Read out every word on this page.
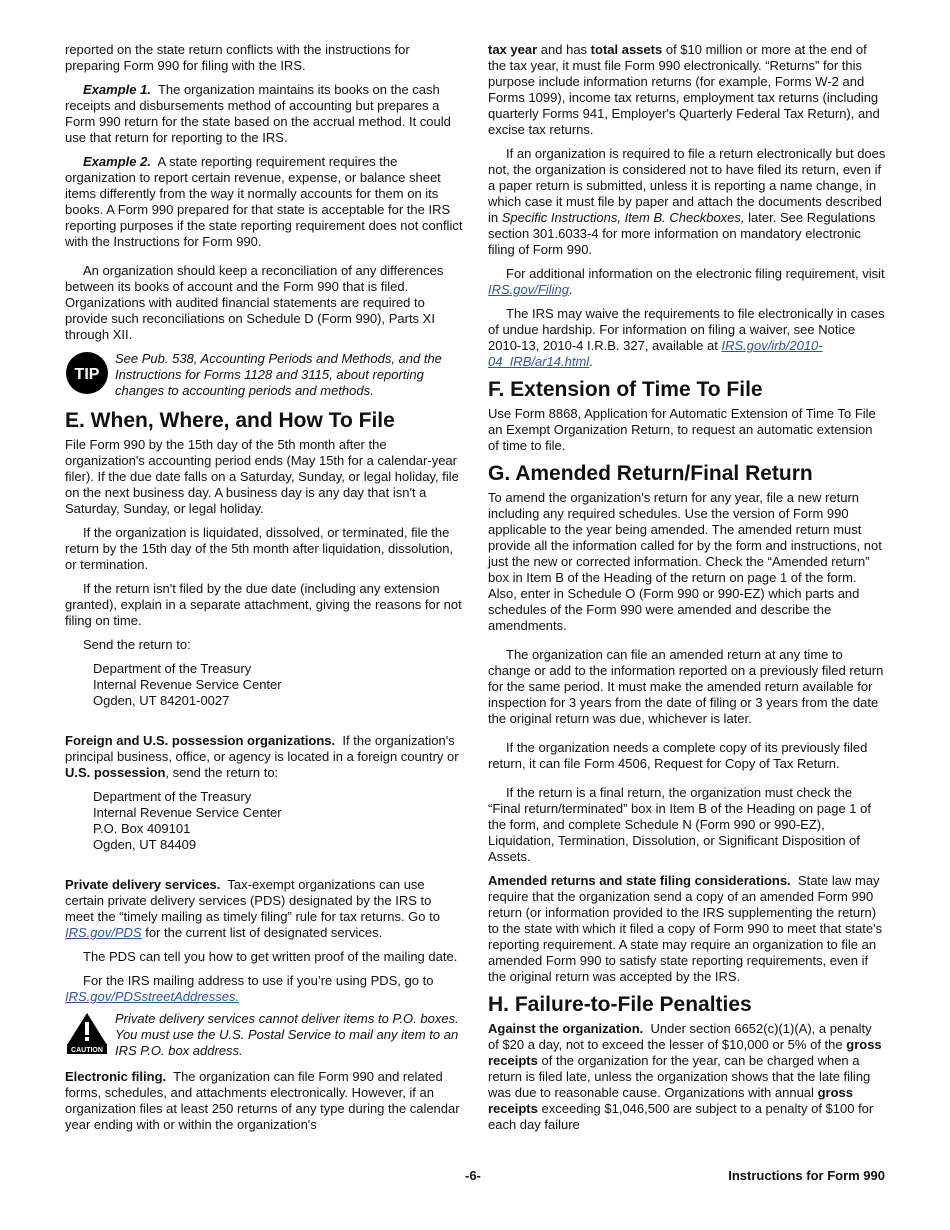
reported on the state return conflicts with the instructions for preparing Form 990 for filing with the IRS.

Example 1. The organization maintains its books on the cash receipts and disbursements method of accounting but prepares a Form 990 return for the state based on the accrual method. It could use that return for reporting to the IRS.

Example 2. A state reporting requirement requires the organization to report certain revenue, expense, or balance sheet items differently from the way it normally accounts for them on its books. A Form 990 prepared for that state is acceptable for the IRS reporting purposes if the state reporting requirement does not conflict with the Instructions for Form 990.

An organization should keep a reconciliation of any differences between its books of account and the Form 990 that is filed. Organizations with audited financial statements are required to provide such reconciliations on Schedule D (Form 990), Parts XI through XII.

TIP
See Pub. 538, Accounting Periods and Methods, and the Instructions for Forms 1128 and 3115, about reporting changes to accounting periods and methods.
E. When, Where, and How To File

File Form 990 by the 15th day of the 5th month after the organization's accounting period ends (May 15th for a calendar-year filer). If the due date falls on a Saturday, Sunday, or legal holiday, file on the next business day. A business day is any day that isn't a Saturday, Sunday, or legal holiday.

If the organization is liquidated, dissolved, or terminated, file the return by the 15th day of the 5th month after liquidation, dissolution, or termination.

If the return isn't filed by the due date (including any extension granted), explain in a separate attachment, giving the reasons for not filing on time.

Send the return to:

Department of the Treasury
Internal Revenue Service Center
Ogden, UT 84201-0027

Foreign and U.S. possession organizations. If the organization's principal business, office, or agency is located in a foreign country or U.S. possession, send the return to:

Department of the Treasury
Internal Revenue Service Center
P.O. Box 409101
Ogden, UT 84409

Private delivery services. Tax-exempt organizations can use certain private delivery services (PDS) designated by the IRS to meet the “timely mailing as timely filing” rule for tax returns. Go to IRS.gov/PDS for the current list of designated services.

The PDS can tell you how to get written proof of the mailing date.

For the IRS mailing address to use if you’re using PDS, go to IRS.gov/PDSstreetAddresses.

CAUTION
Private delivery services cannot deliver items to P.O. boxes. You must use the U.S. Postal Service to mail any item to an IRS P.O. box address.

Electronic filing. The organization can file Form 990 and related forms, schedules, and attachments electronically. However, if an organization files at least 250 returns of any type during the calendar year ending with or within the organization's

tax year and has total assets of $10 million or more at the end of the tax year, it must file Form 990 electronically. “Returns” for this purpose include information returns (for example, Forms W-2 and Forms 1099), income tax returns, employment tax returns (including quarterly Forms 941, Employer's Quarterly Federal Tax Return), and excise tax returns.

If an organization is required to file a return electronically but does not, the organization is considered not to have filed its return, even if a paper return is submitted, unless it is reporting a name change, in which case it must file by paper and attach the documents described in Specific Instructions, Item B. Checkboxes, later. See Regulations section 301.6033-4 for more information on mandatory electronic filing of Form 990.

For additional information on the electronic filing requirement, visit IRS.gov/Filing.

The IRS may waive the requirements to file electronically in cases of undue hardship. For information on filing a waiver, see Notice 2010-13, 2010-4 I.R.B. 327, available at IRS.gov/irb/2010-04_IRB/ar14.html.

F. Extension of Time To File

Use Form 8868, Application for Automatic Extension of Time To File an Exempt Organization Return, to request an automatic extension of time to file.

G. Amended Return/Final Return

To amend the organization's return for any year, file a new return including any required schedules. Use the version of Form 990 applicable to the year being amended. The amended return must provide all the information called for by the form and instructions, not just the new or corrected information. Check the “Amended return” box in Item B of the Heading of the return on page 1 of the form. Also, enter in Schedule O (Form 990 or 990-EZ) which parts and schedules of the Form 990 were amended and describe the amendments.

The organization can file an amended return at any time to change or add to the information reported on a previously filed return for the same period. It must make the amended return available for inspection for 3 years from the date of filing or 3 years from the date the original return was due, whichever is later.

If the organization needs a complete copy of its previously filed return, it can file Form 4506, Request for Copy of Tax Return.

If the return is a final return, the organization must check the “Final return/terminated” box in Item B of the Heading on page 1 of the form, and complete Schedule N (Form 990 or 990-EZ), Liquidation, Termination, Dissolution, or Significant Disposition of Assets.

Amended returns and state filing considerations. State law may require that the organization send a copy of an amended Form 990 return (or information provided to the IRS supplementing the return) to the state with which it filed a copy of Form 990 to meet that state's reporting requirement. A state may require an organization to file an amended Form 990 to satisfy state reporting requirements, even if the original return was accepted by the IRS.

H. Failure-to-File Penalties

Against the organization. Under section 6652(c)(1)(A), a penalty of $20 a day, not to exceed the lesser of $10,000 or 5% of the gross receipts of the organization for the year, can be charged when a return is filed late, unless the organization shows that the late filing was due to reasonable cause. Organizations with annual gross receipts exceeding $1,046,500 are subject to a penalty of $100 for each day failure

-6-	Instructions for Form 990
